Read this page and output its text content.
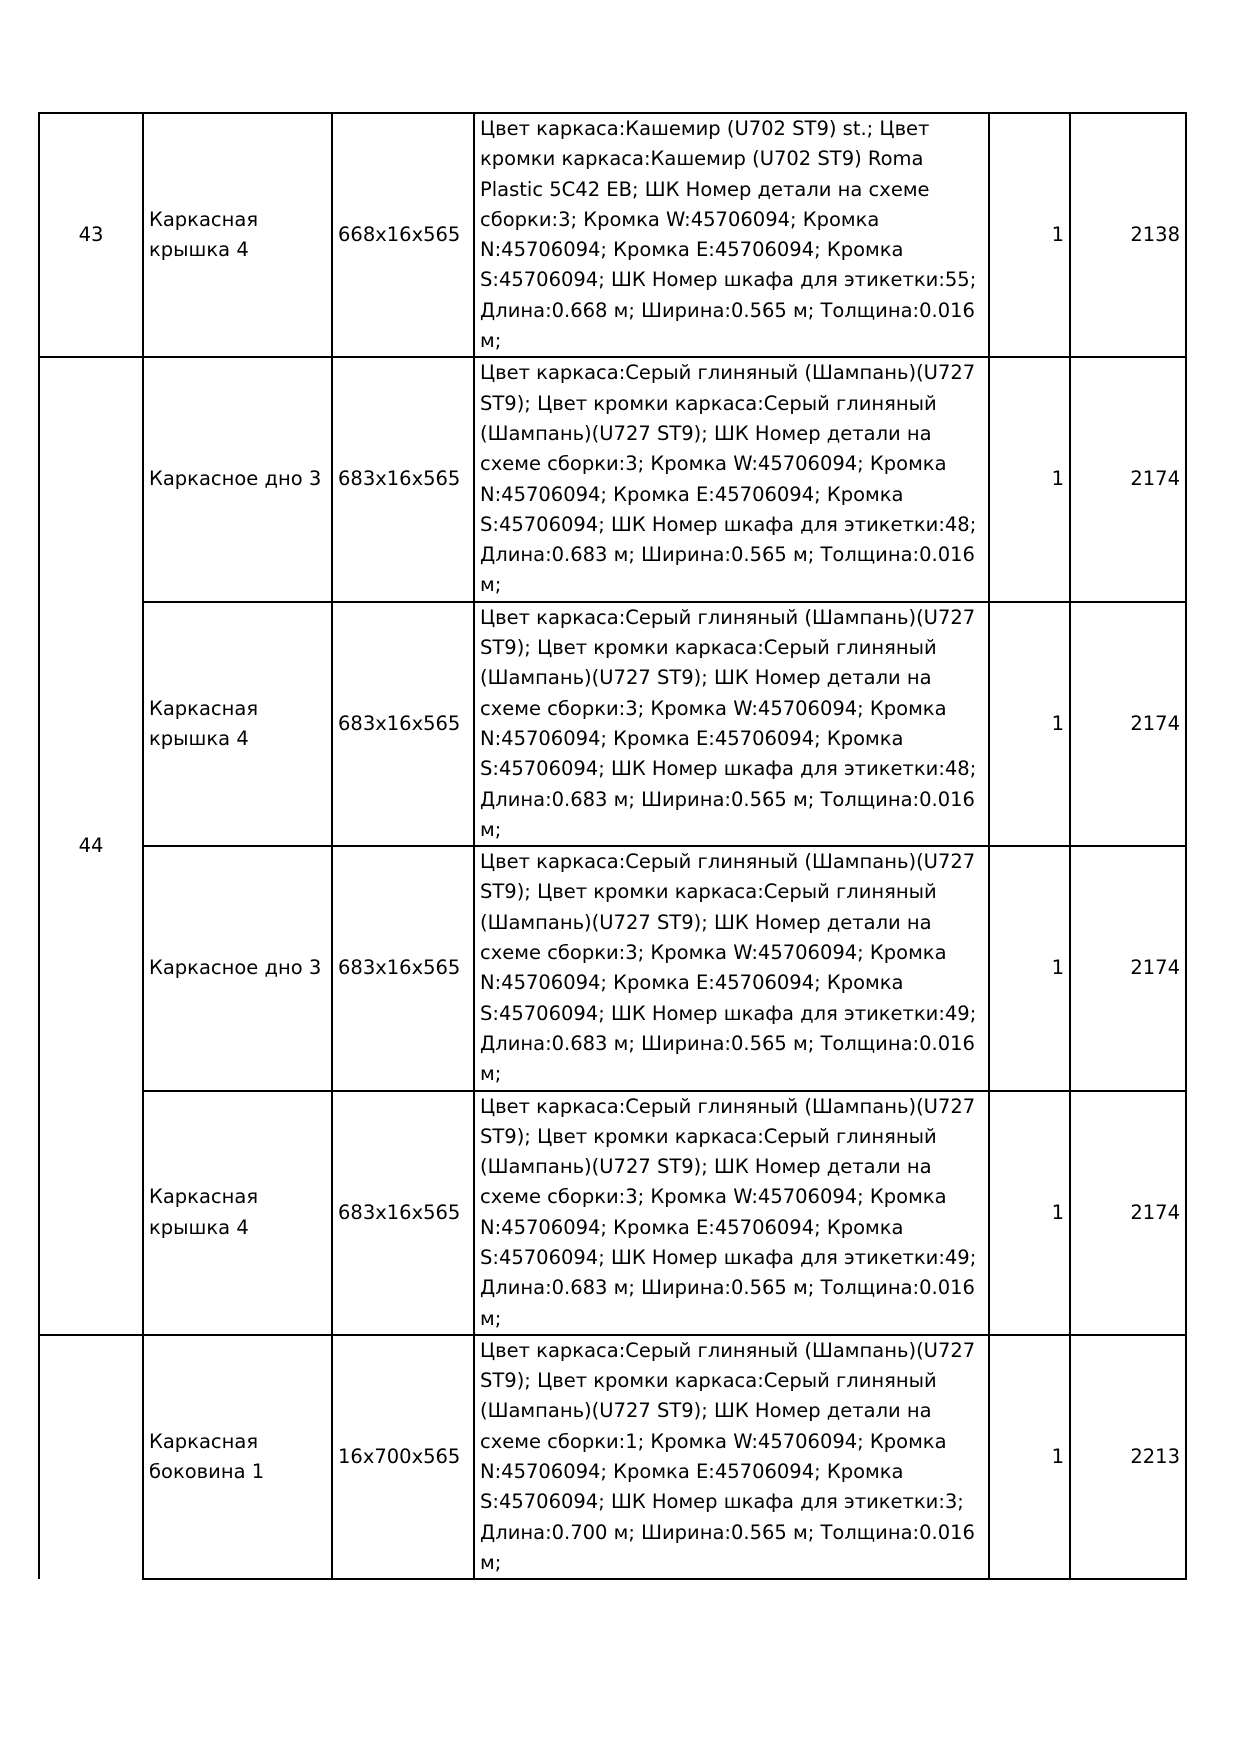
43	Каркасная крышка 4	668x16x565	Цвет каркаса:Кашемир (U702 ST9) st.; Цвет кромки каркаса:Кашемир (U702 ST9) Roma Plastic 5C42 EB; ШК Номер детали на схеме сборки:3; Кромка W:45706094; Кромка N:45706094; Кромка E:45706094; Кромка S:45706094; ШК Номер шкафа для этикетки:55; Длина:0.668 м; Ширина:0.565 м; Толщина:0.016 м;	1	2138
44	Каркасное дно 3	683x16x565	Цвет каркаса:Серый глиняный (Шампань)(U727 ST9); Цвет кромки каркаса:Серый глиняный (Шампань)(U727 ST9); ШК Номер детали на схеме сборки:3; Кромка W:45706094; Кромка N:45706094; Кромка E:45706094; Кромка S:45706094; ШК Номер шкафа для этикетки:48; Длина:0.683 м; Ширина:0.565 м; Толщина:0.016 м;	1	2174
	Каркасная крышка 4	683x16x565	Цвет каркаса:Серый глиняный (Шампань)(U727 ST9); Цвет кромки каркаса:Серый глиняный (Шампань)(U727 ST9); ШК Номер детали на схеме сборки:3; Кромка W:45706094; Кромка N:45706094; Кромка E:45706094; Кромка S:45706094; ШК Номер шкафа для этикетки:48; Длина:0.683 м; Ширина:0.565 м; Толщина:0.016 м;	1	2174
	Каркасное дно 3	683x16x565	Цвет каркаса:Серый глиняный (Шампань)(U727 ST9); Цвет кромки каркаса:Серый глиняный (Шампань)(U727 ST9); ШК Номер детали на схеме сборки:3; Кромка W:45706094; Кромка N:45706094; Кромка E:45706094; Кромка S:45706094; ШК Номер шкафа для этикетки:49; Длина:0.683 м; Ширина:0.565 м; Толщина:0.016 м;	1	2174
	Каркасная крышка 4	683x16x565	Цвет каркаса:Серый глиняный (Шампань)(U727 ST9); Цвет кромки каркаса:Серый глиняный (Шампань)(U727 ST9); ШК Номер детали на схеме сборки:3; Кромка W:45706094; Кромка N:45706094; Кромка E:45706094; Кромка S:45706094; ШК Номер шкафа для этикетки:49; Длина:0.683 м; Ширина:0.565 м; Толщина:0.016 м;	1	2174
	Каркасная боковина 1	16x700x565	Цвет каркаса:Серый глиняный (Шампань)(U727 ST9); Цвет кромки каркаса:Серый глиняный (Шампань)(U727 ST9); ШК Номер детали на схеме сборки:1; Кромка W:45706094; Кромка N:45706094; Кромка E:45706094; Кромка S:45706094; ШК Номер шкафа для этикетки:3; Длина:0.700 м; Ширина:0.565 м; Толщина:0.016 м;	1	2213
